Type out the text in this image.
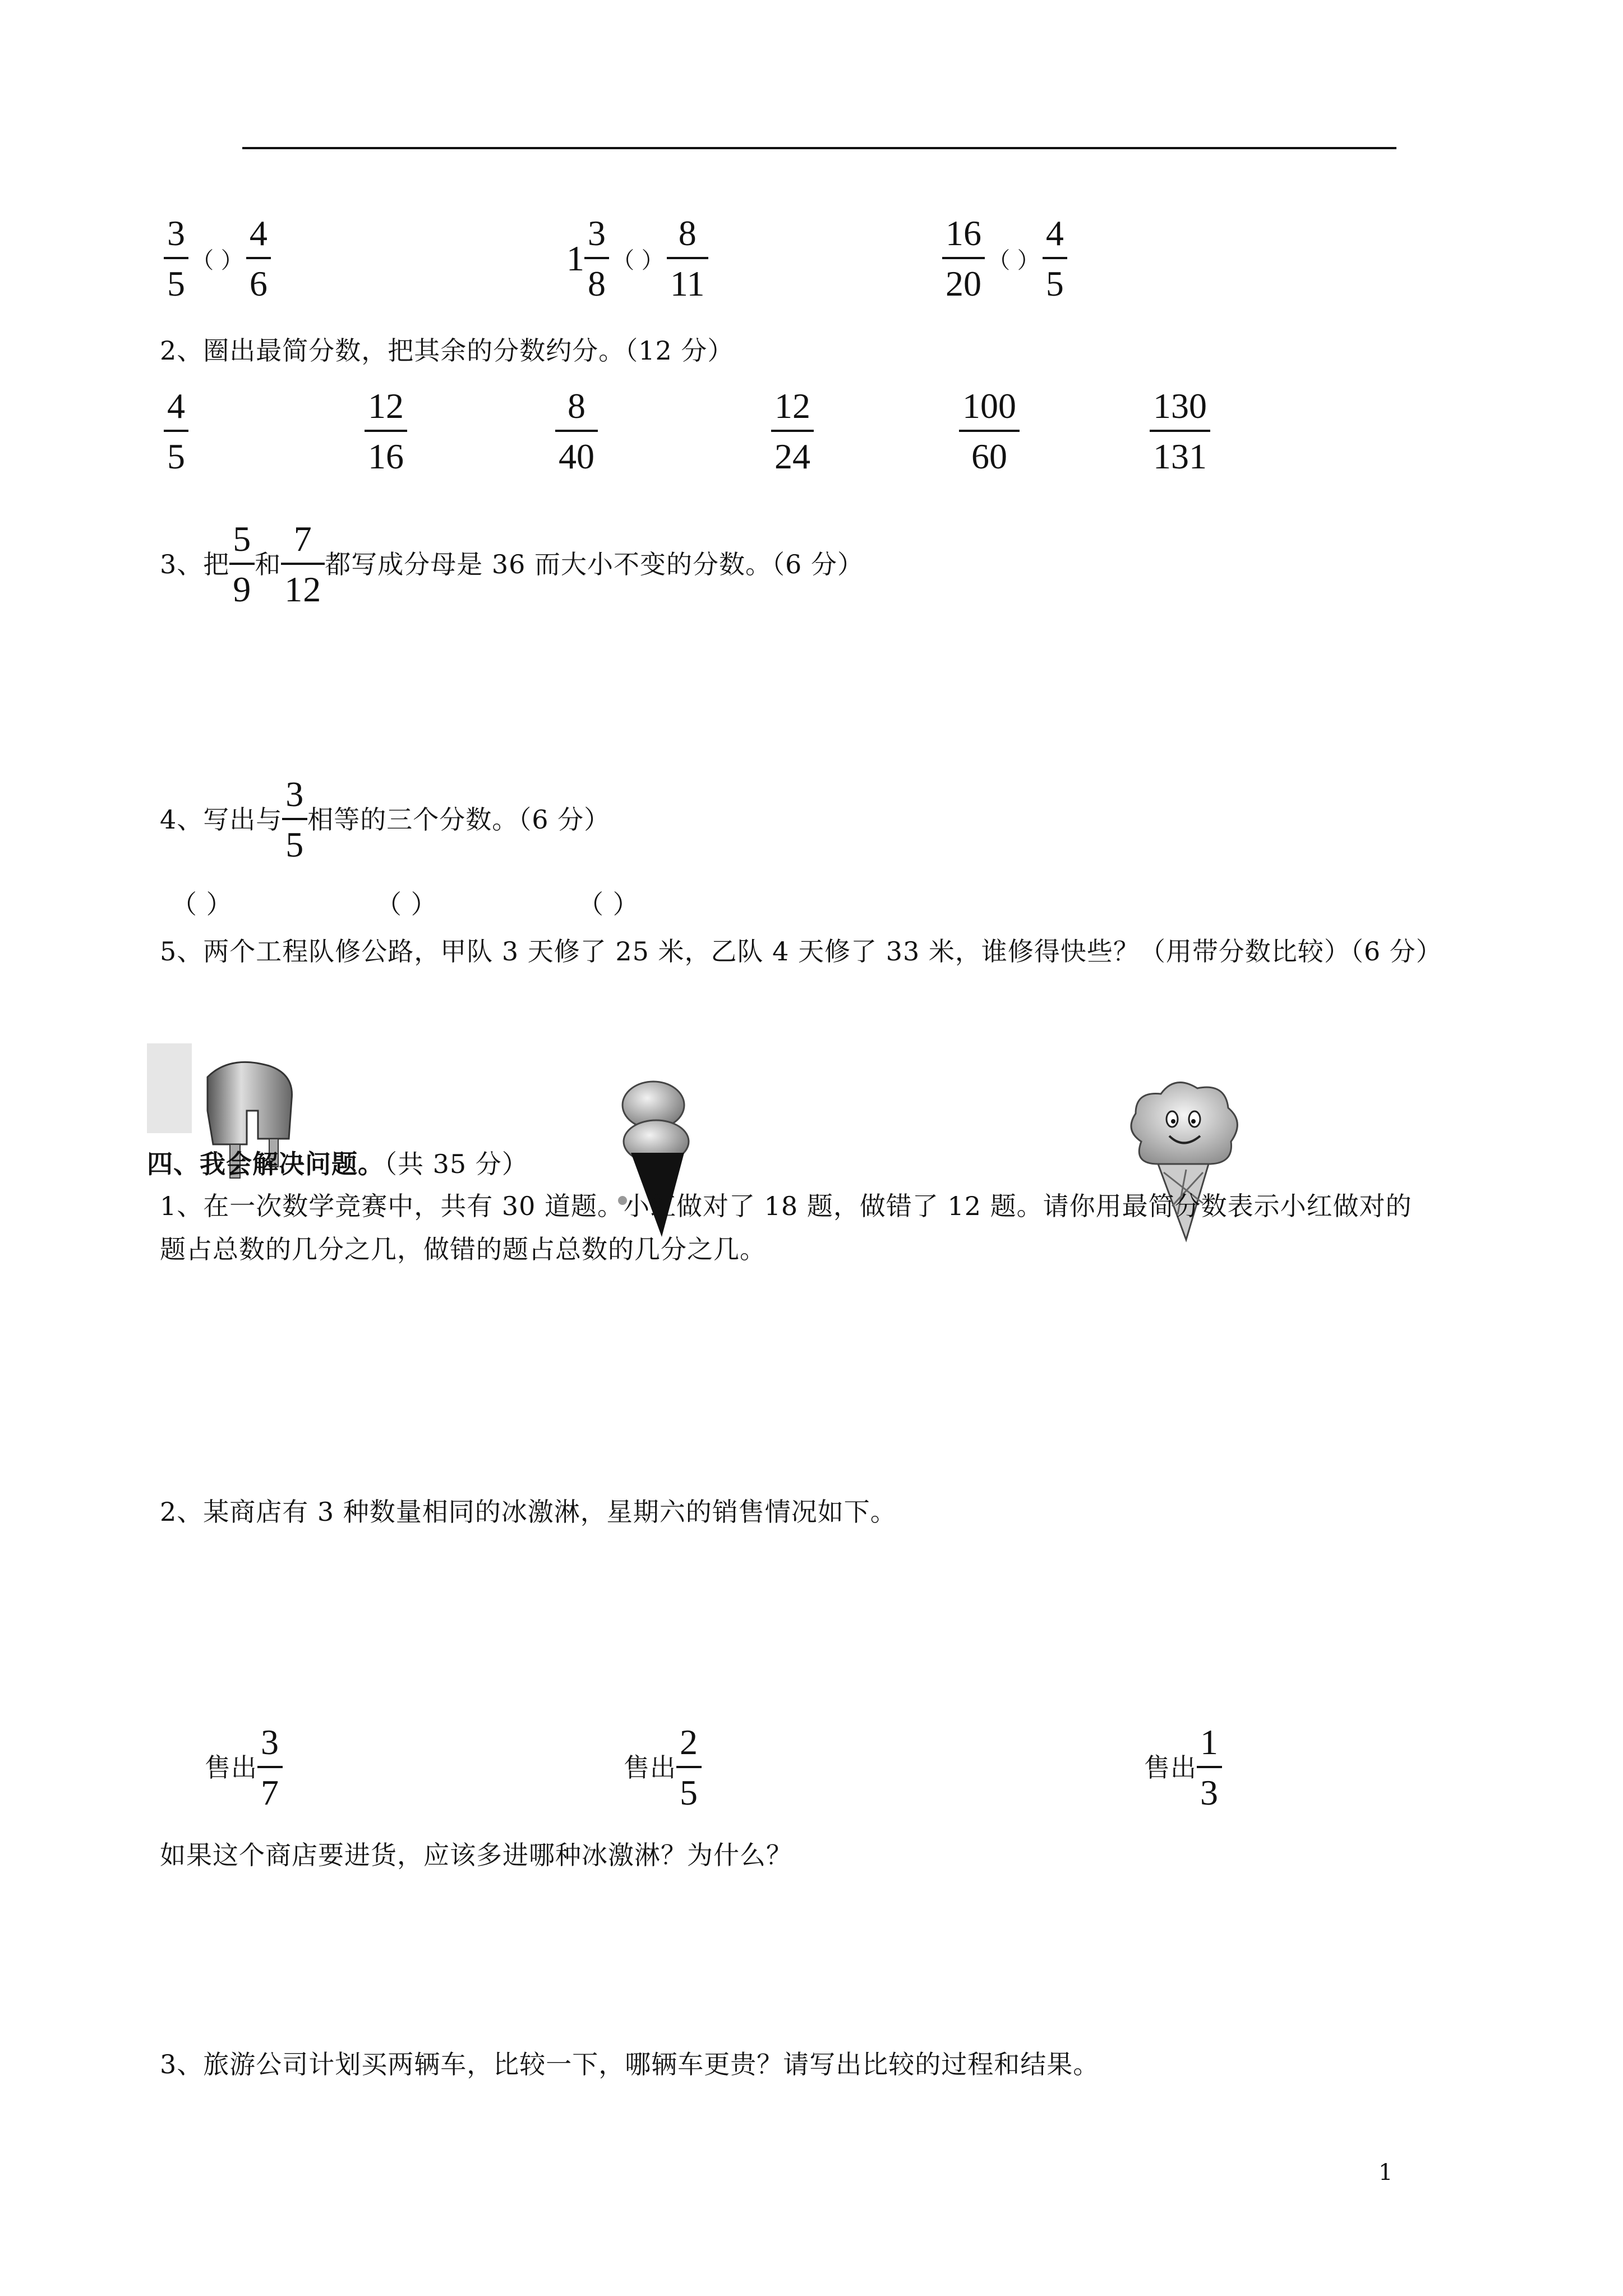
$\frac{3}{5}$ （ ） $\frac{4}{6}$	$1 \frac{3}{8}$ （ ） $\frac{8}{11}$	$\frac{16}{20}$ （ ） $\frac{4}{5}$
2、圈出最简分数，把其余的分数约分。（12 分）
$\frac{4}{5}$	$\frac{12}{16}$	$\frac{8}{40}$	$\frac{12}{24}$	$\frac{100}{60}$	$\frac{130}{131}$
3、把 $\frac{5}{9}$ 和 $\frac{7}{12}$ 都写成分母是 36 而大小不变的分数。（6 分）
4、写出与 $\frac{3}{5}$ 相等的三个分数。（6 分）
（ ）	（ ）	（ ）
5、两个工程队修公路，甲队 3 天修了 25 米，乙队 4 天修了 33 米，谁修得快些？（用带分数比较）（6 分）
四、我会解决问题。（共 35 分）
1、在一次数学竞赛中，共有 30 道题。小红做对了 18 题，做错了 12 题。请你用最简分数表示小红做对的
题占总数的几分之几，做错的题占总数的几分之几。
2、某商店有 3 种数量相同的冰激淋，星期六的销售情况如下。
售出 $\frac{3}{7}$	售出 $\frac{2}{5}$	售出 $\frac{1}{3}$
如果这个商店要进货，应该多进哪种冰激淋？为什么？
3、旅游公司计划买两辆车，比较一下，哪辆车更贵？请写出比较的过程和结果。
1
